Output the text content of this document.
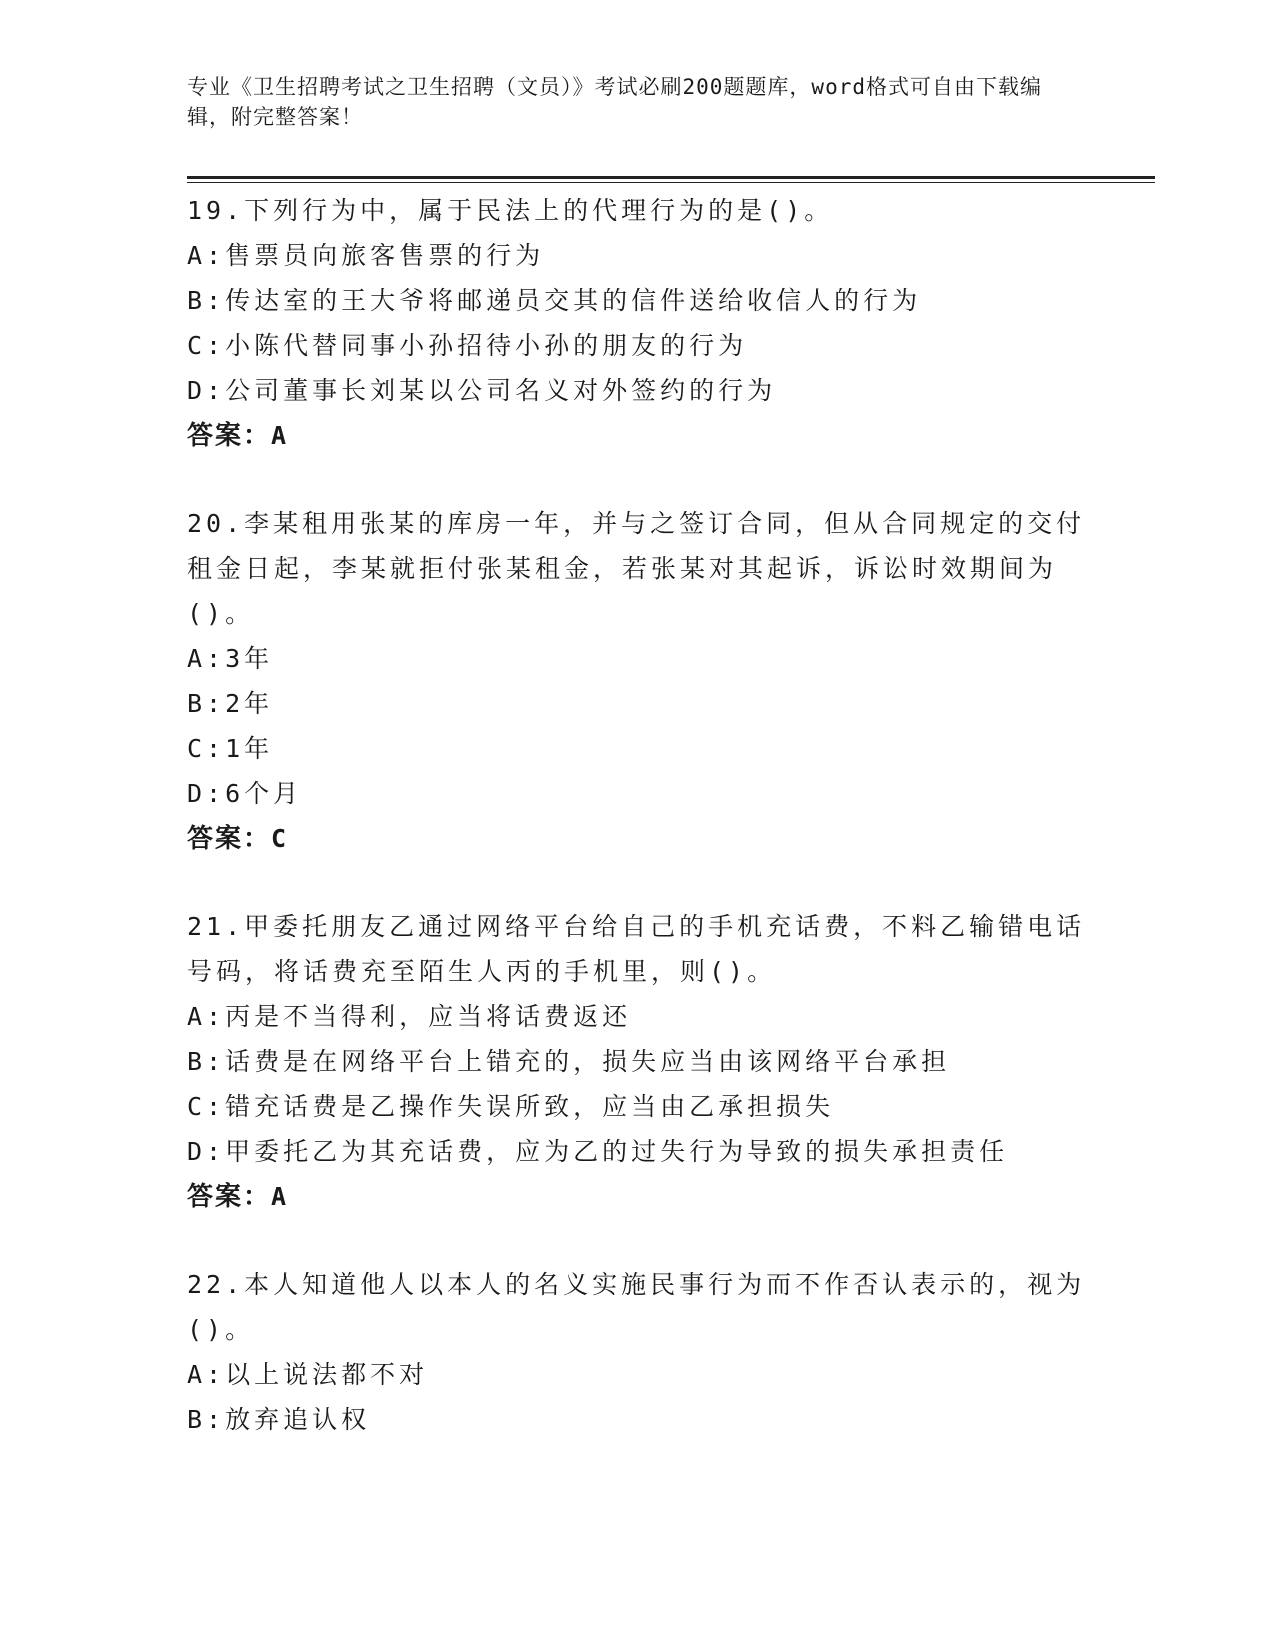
专业《卫生招聘考试之卫生招聘（文员）》考试必刷200题题库，word格式可自由下载编辑，附完整答案！

19.下列行为中，属于民法上的代理行为的是()。

A:售票员向旅客售票的行为

B:传达室的王大爷将邮递员交其的信件送给收信人的行为

C:小陈代替同事小孙招待小孙的朋友的行为

D:公司董事长刘某以公司名义对外签约的行为

答案：A

20.李某租用张某的库房一年，并与之签订合同，但从合同规定的交付租金日起，李某就拒付张某租金，若张某对其起诉，诉讼时效期间为()。

A:3年

B:2年

C:1年

D:6个月

答案：C

21.甲委托朋友乙通过网络平台给自己的手机充话费，不料乙输错电话号码，将话费充至陌生人丙的手机里，则()。

A:丙是不当得利，应当将话费返还

B:话费是在网络平台上错充的，损失应当由该网络平台承担

C:错充话费是乙操作失误所致，应当由乙承担损失

D:甲委托乙为其充话费，应为乙的过失行为导致的损失承担责任

答案：A

22.本人知道他人以本人的名义实施民事行为而不作否认表示的，视为()。

A:以上说法都不对

B:放弃追认权
